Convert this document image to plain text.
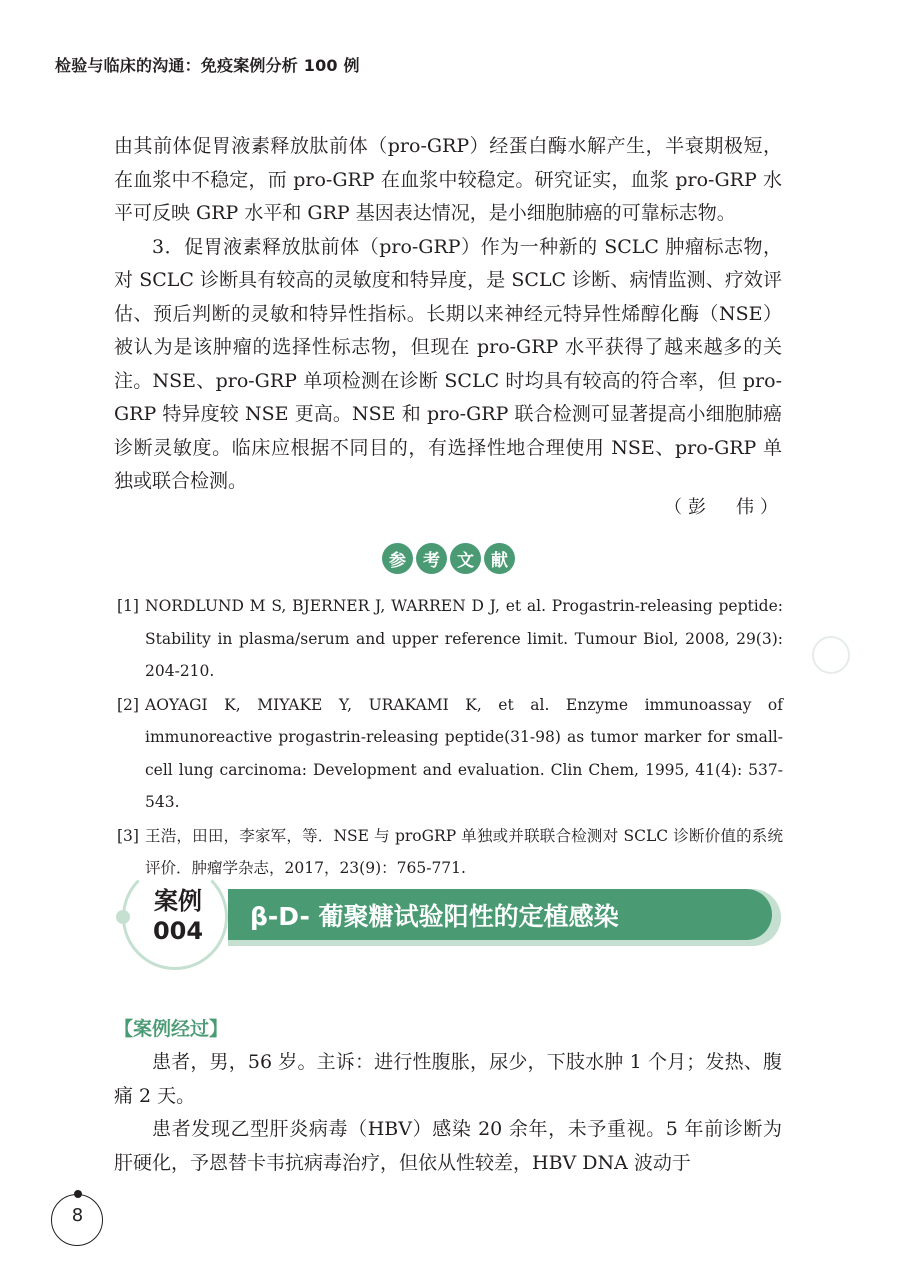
检验与临床的沟通：免疫案例分析 100 例

由其前体促胃液素释放肽前体（pro-GRP）经蛋白酶水解产生，半衰期极短，在血浆中不稳定，而 pro-GRP 在血浆中较稳定。研究证实，血浆 pro-GRP 水平可反映 GRP 水平和 GRP 基因表达情况，是小细胞肺癌的可靠标志物。

3．促胃液素释放肽前体（pro-GRP）作为一种新的 SCLC 肿瘤标志物，对 SCLC 诊断具有较高的灵敏度和特异度，是 SCLC 诊断、病情监测、疗效评估、预后判断的灵敏和特异性指标。长期以来神经元特异性烯醇化酶（NSE）被认为是该肿瘤的选择性标志物，但现在 pro-GRP 水平获得了越来越多的关注。NSE、pro-GRP 单项检测在诊断 SCLC 时均具有较高的符合率，但 pro-GRP 特异度较 NSE 更高。NSE 和 pro-GRP 联合检测可显著提高小细胞肺癌诊断灵敏度。临床应根据不同目的，有选择性地合理使用 NSE、pro-GRP 单独或联合检测。

（彭　伟）
参	考	文	献
[1] NORDLUND M S, BJERNER J, WARREN D J, et al. Progastrin-releasing peptide: Stability in plasma/serum and upper reference limit. Tumour Biol, 2008, 29(3): 204-210.
[2] AOYAGI K, MIYAKE Y, URAKAMI K, et al. Enzyme immunoassay of immunoreactive progastrin-releasing peptide(31-98) as tumor marker for small-cell lung carcinoma: Development and evaluation. Clin Chem, 1995, 41(4): 537-543.
[3] 王浩，田田，李家军，等．NSE 与 proGRP 单独或并联联合检测对 SCLC 诊断价值的系统评价．肿瘤学杂志，2017，23(9)：765-771.
案例
004
β-D- 葡聚糖试验阳性的定植感染
【案例经过】

患者，男，56 岁。主诉：进行性腹胀，尿少，下肢水肿 1 个月；发热、腹痛 2 天。

患者发现乙型肝炎病毒（HBV）感染 20 余年，未予重视。5 年前诊断为肝硬化，予恩替卡韦抗病毒治疗，但依从性较差，HBV DNA 波动于

8
